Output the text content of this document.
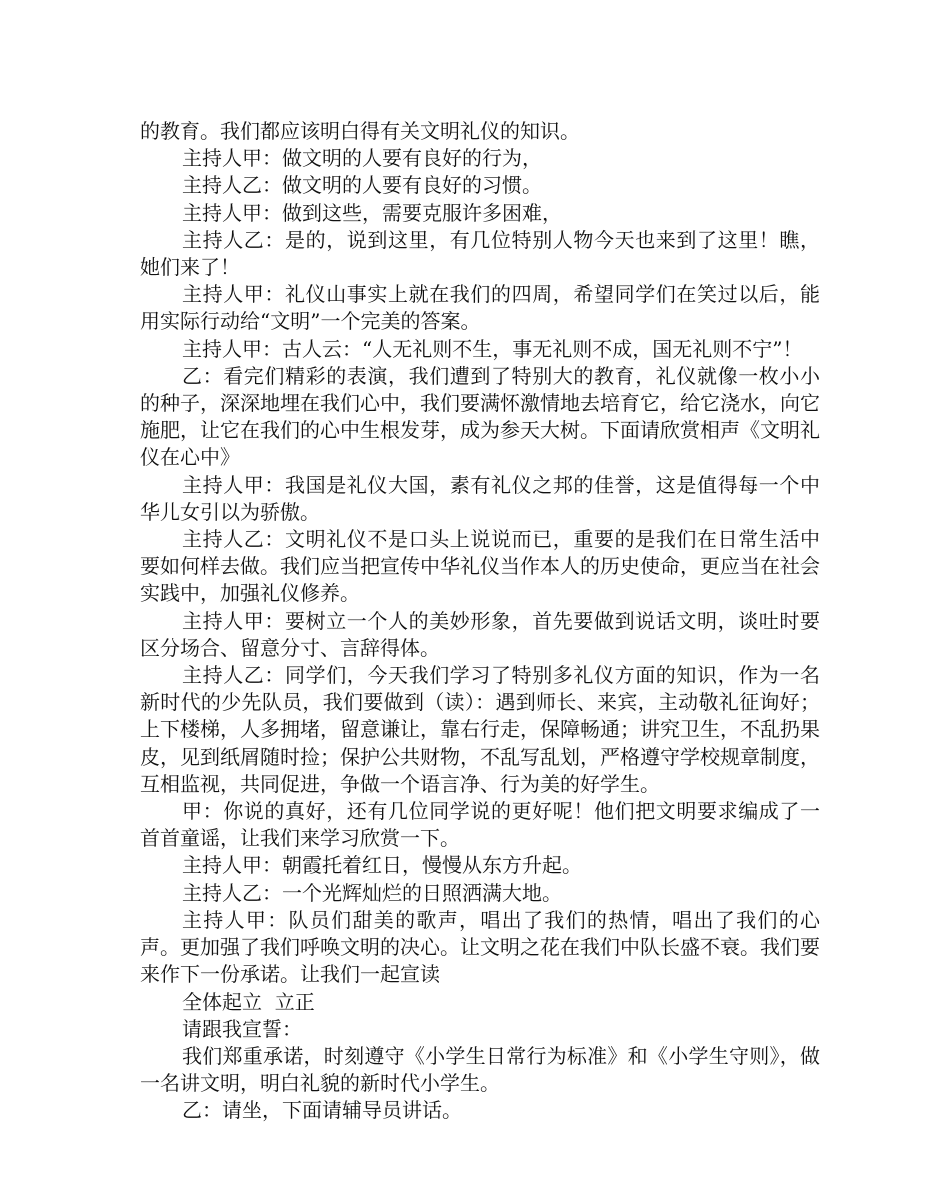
的教育。我们都应该明白得有关文明礼仪的知识。

主持人甲：做文明的人要有良好的行为，

主持人乙：做文明的人要有良好的习惯。

主持人甲：做到这些，需要克服许多困难，

主持人乙：是的，说到这里，有几位特别人物今天也来到了这里！瞧，她们来了！

主持人甲：礼仪山事实上就在我们的四周，希望同学们在笑过以后，能用实际行动给“文明”一个完美的答案。

主持人甲：古人云：“人无礼则不生，事无礼则不成，国无礼则不宁”！

乙：看完们精彩的表演，我们遭到了特别大的教育，礼仪就像一枚小小的种子，深深地埋在我们心中，我们要满怀激情地去培育它，给它浇水，向它施肥，让它在我们的心中生根发芽，成为参天大树。下面请欣赏相声《文明礼仪在心中》

主持人甲：我国是礼仪大国，素有礼仪之邦的佳誉，这是值得每一个中华儿女引以为骄傲。

主持人乙：文明礼仪不是口头上说说而已，重要的是我们在日常生活中要如何样去做。我们应当把宣传中华礼仪当作本人的历史使命，更应当在社会实践中，加强礼仪修养。

主持人甲：要树立一个人的美妙形象，首先要做到说话文明，谈吐时要区分场合、留意分寸、言辞得体。

主持人乙：同学们，今天我们学习了特别多礼仪方面的知识，作为一名新时代的少先队员，我们要做到（读）：遇到师长、来宾，主动敬礼征询好；上下楼梯，人多拥堵，留意谦让，靠右行走，保障畅通；讲究卫生，不乱扔果皮，见到纸屑随时捡；保护公共财物，不乱写乱划，严格遵守学校规章制度，互相监视，共同促进，争做一个语言净、行为美的好学生。

甲：你说的真好，还有几位同学说的更好呢！他们把文明要求编成了一首首童谣，让我们来学习欣赏一下。

主持人甲：朝霞托着红日，慢慢从东方升起。

主持人乙：一个光辉灿烂的日照洒满大地。

主持人甲：队员们甜美的歌声，唱出了我们的热情，唱出了我们的心声。更加强了我们呼唤文明的决心。让文明之花在我们中队长盛不衰。我们要来作下一份承诺。让我们一起宣读

全体起立  立正

请跟我宣誓：

我们郑重承诺，时刻遵守《小学生日常行为标准》和《小学生守则》，做一名讲文明，明白礼貌的新时代小学生。

乙：请坐，下面请辅导员讲话。
